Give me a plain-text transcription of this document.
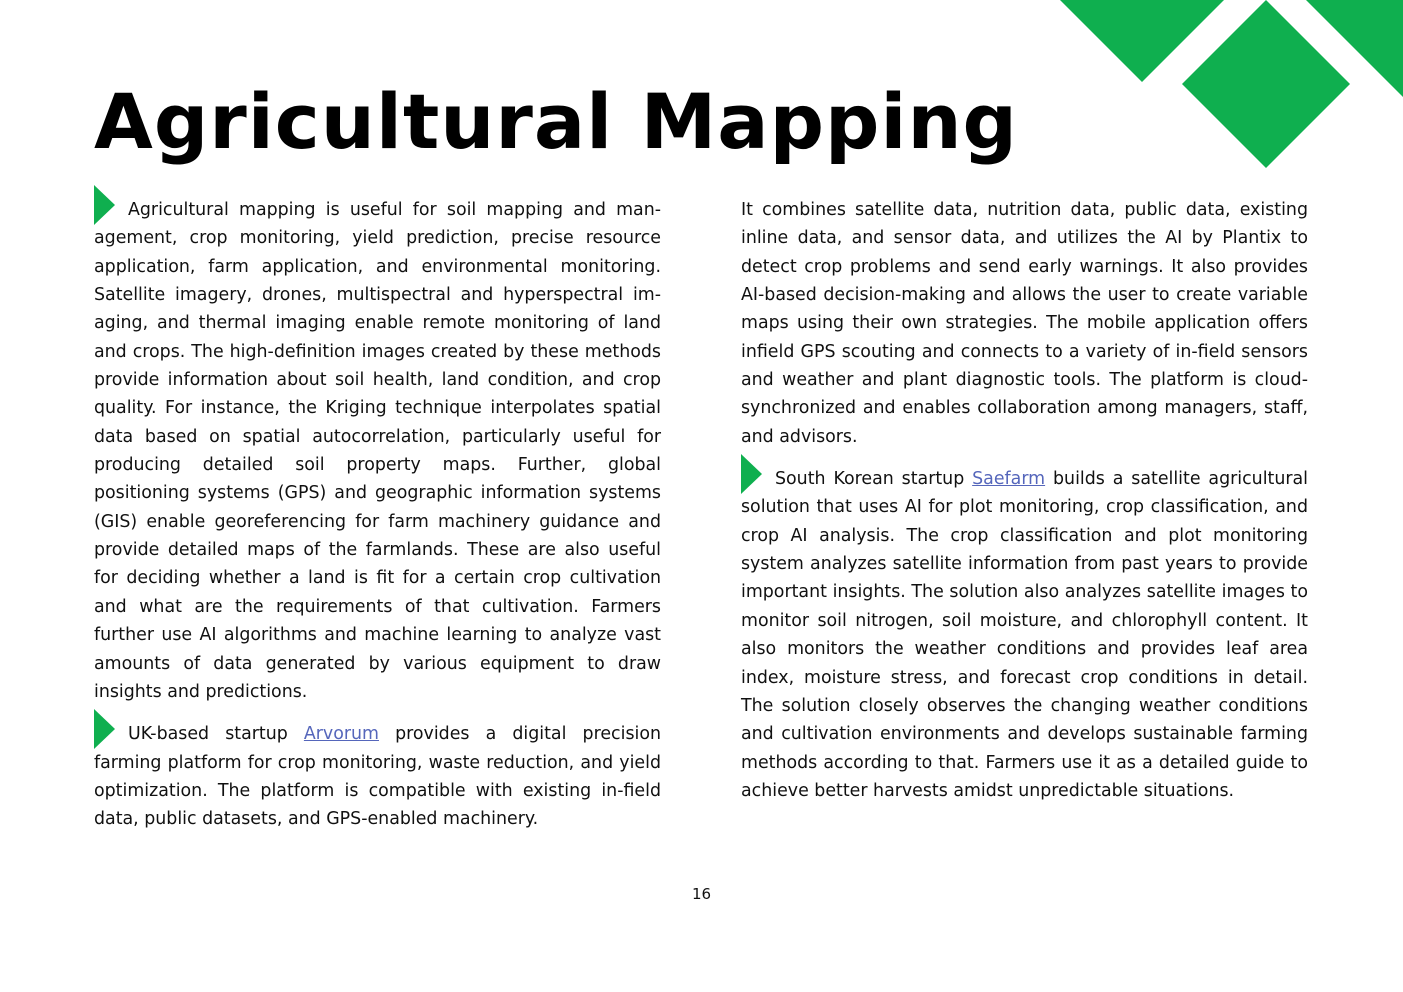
Agricultural Mapping

Agricultural mapping is useful for soil mapping and management, crop monitoring, yield prediction, precise resource application, farm application, and environmental monitoring. Satellite imagery, drones, multispectral and hyperspectral imaging, and thermal imaging enable remote monitoring of land and crops. The high-definition images created by these methods provide information about soil health, land condition, and crop quality. For instance, the Kriging technique interpolates spatial data based on spatial autocorrelation, particularly useful for producing detailed soil property maps. Further, global positioning systems (GPS) and geographic information systems (GIS) enable georeferencing for farm machinery guidance and provide detailed maps of the farmlands. These are also useful for deciding whether a land is fit for a certain crop cultivation and what are the requirements of that cultivation. Farmers further use AI algorithms and machine learning to analyze vast amounts of data generated by various equipment to draw insights and predictions.

UK-based startup Arvorum provides a digital precision farming platform for crop monitoring, waste reduction, and yield optimization. The platform is compatible with existing in-field data, public datasets, and GPS-enabled machinery.

It combines satellite data, nutrition data, public data, existing inline data, and sensor data, and utilizes the AI by Plantix to detect crop problems and send early warnings. It also provides AI-based decision-making and allows the user to create variable maps using their own strategies. The mobile application offers infield GPS scouting and connects to a variety of in-field sensors and weather and plant diagnostic tools. The platform is cloud-synchronized and enables collaboration among managers, staff, and advisors.

South Korean startup Saefarm builds a satellite agricultural solution that uses AI for plot monitoring, crop classification, and crop AI analysis. The crop classification and plot monitoring system analyzes satellite information from past years to provide important insights. The solution also analyzes satellite images to monitor soil nitrogen, soil moisture, and chlorophyll content. It also monitors the weather conditions and provides leaf area index, moisture stress, and forecast crop conditions in detail. The solution closely observes the changing weather conditions and cultivation environments and develops sustainable farming methods according to that. Farmers use it as a detailed guide to achieve better harvests amidst unpredictable situations.

16
